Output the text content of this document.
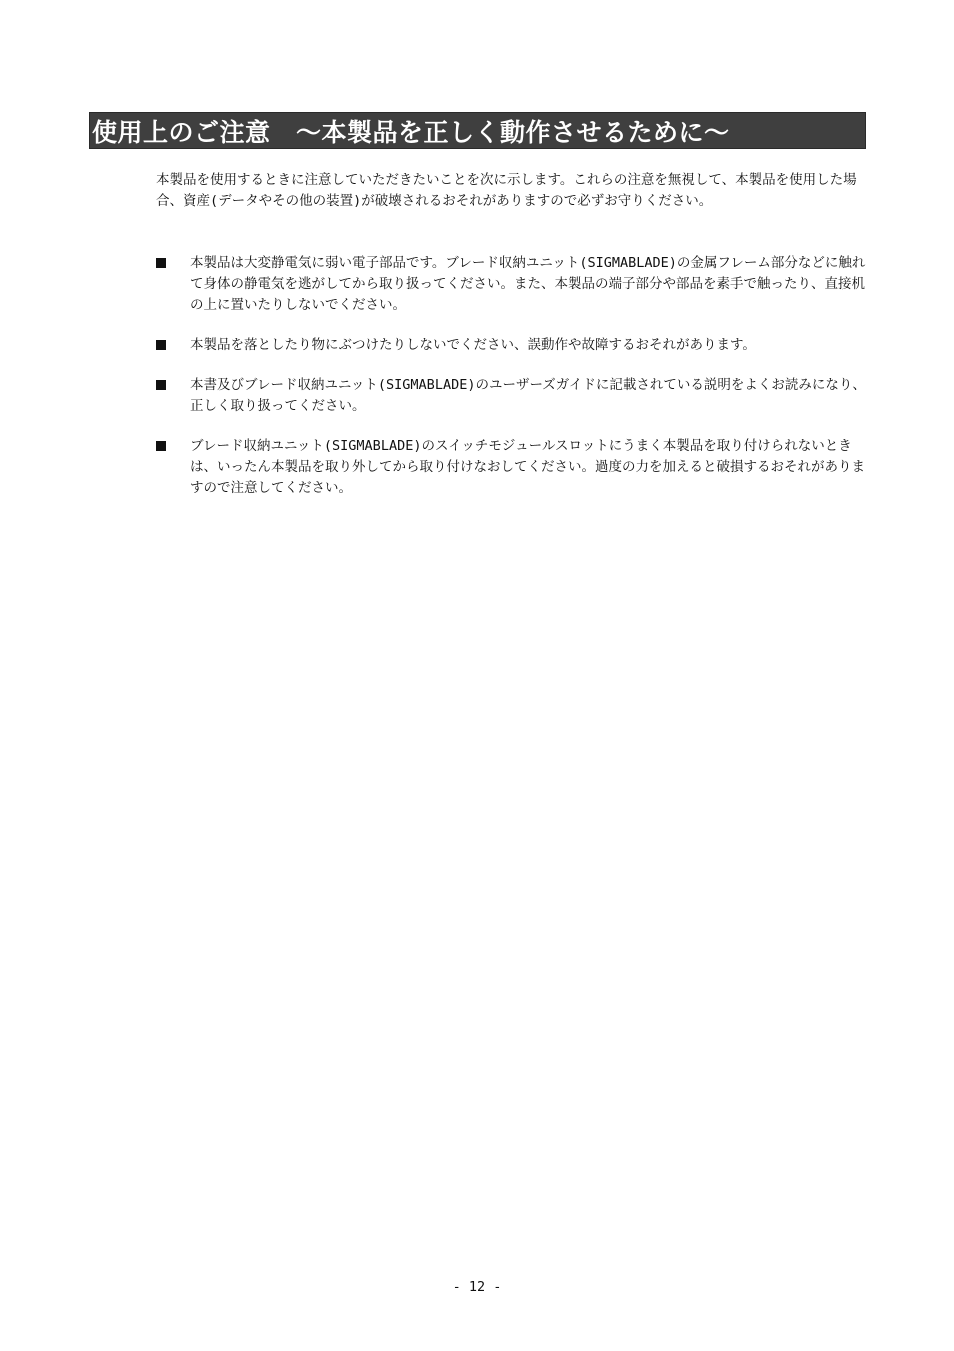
使用上のご注意　～本製品を正しく動作させるために～

本製品を使用するときに注意していただきたいことを次に示します。これらの注意を無視して、本製品を使用した場合、資産(データやその他の装置)が破壊されるおそれがありますので必ずお守りください。

本製品は大変静電気に弱い電子部品です。ブレード収納ユニット(SIGMABLADE)の金属フレーム部分などに触れて身体の静電気を逃がしてから取り扱ってください。また、本製品の端子部分や部品を素手で触ったり、直接机の上に置いたりしないでください。
本製品を落としたり物にぶつけたりしないでください、誤動作や故障するおそれがあります。
本書及びブレード収納ユニット(SIGMABLADE)のユーザーズガイドに記載されている説明をよくお読みになり、正しく取り扱ってください。
ブレード収納ユニット(SIGMABLADE)のスイッチモジュールスロットにうまく本製品を取り付けられないときは、いったん本製品を取り外してから取り付けなおしてください。過度の力を加えると破損するおそれがありますので注意してください。
- 12 -
